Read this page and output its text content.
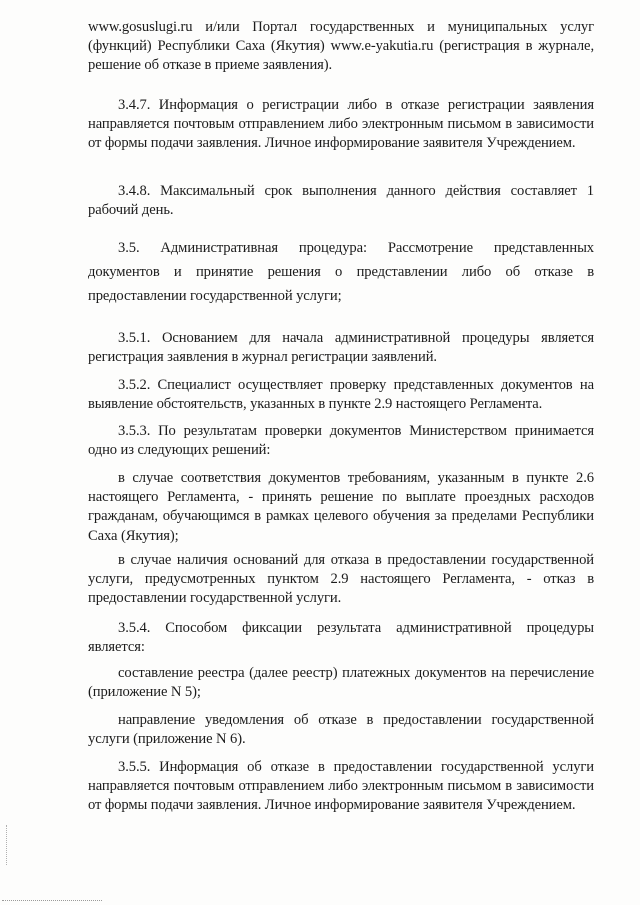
www.gosuslugi.ru и/или Портал государственных и муниципальных услуг (функций) Республики Саха (Якутия) www.e-yakutia.ru (регистрация в журнале, решение об отказе в приеме заявления).

3.4.7. Информация о регистрации либо в отказе регистрации заявления направляется почтовым отправлением либо электронным письмом в зависимости от формы подачи заявления. Личное информирование заявителя Учреждением.

3.4.8. Максимальный срок выполнения данного действия составляет 1 рабочий день.

3.5. Административная процедура: Рассмотрение представленных документов и принятие решения о представлении либо об отказе в предоставлении государственной услуги;

3.5.1. Основанием для начала административной процедуры является регистрация заявления в журнал регистрации заявлений.

3.5.2. Специалист осуществляет проверку представленных документов на выявление обстоятельств, указанных в пункте 2.9 настоящего Регламента.

3.5.3. По результатам проверки документов Министерством принимается одно из следующих решений:

в случае соответствия документов требованиям, указанным в пункте 2.6 настоящего Регламента, - принять решение по выплате проездных расходов гражданам, обучающимся в рамках целевого обучения за пределами Республики Саха (Якутия);

в случае наличия оснований для отказа в предоставлении государственной услуги, предусмотренных пунктом 2.9 настоящего Регламента, - отказ в предоставлении государственной услуги.

3.5.4. Способом фиксации результата административной процедуры является:

составление реестра (далее реестр) платежных документов на перечисление (приложение N 5);

направление уведомления об отказе в предоставлении государственной услуги (приложение N 6).

3.5.5. Информация об отказе в предоставлении государственной услуги направляется почтовым отправлением либо электронным письмом в зависимости от формы подачи заявления. Личное информирование заявителя Учреждением.
